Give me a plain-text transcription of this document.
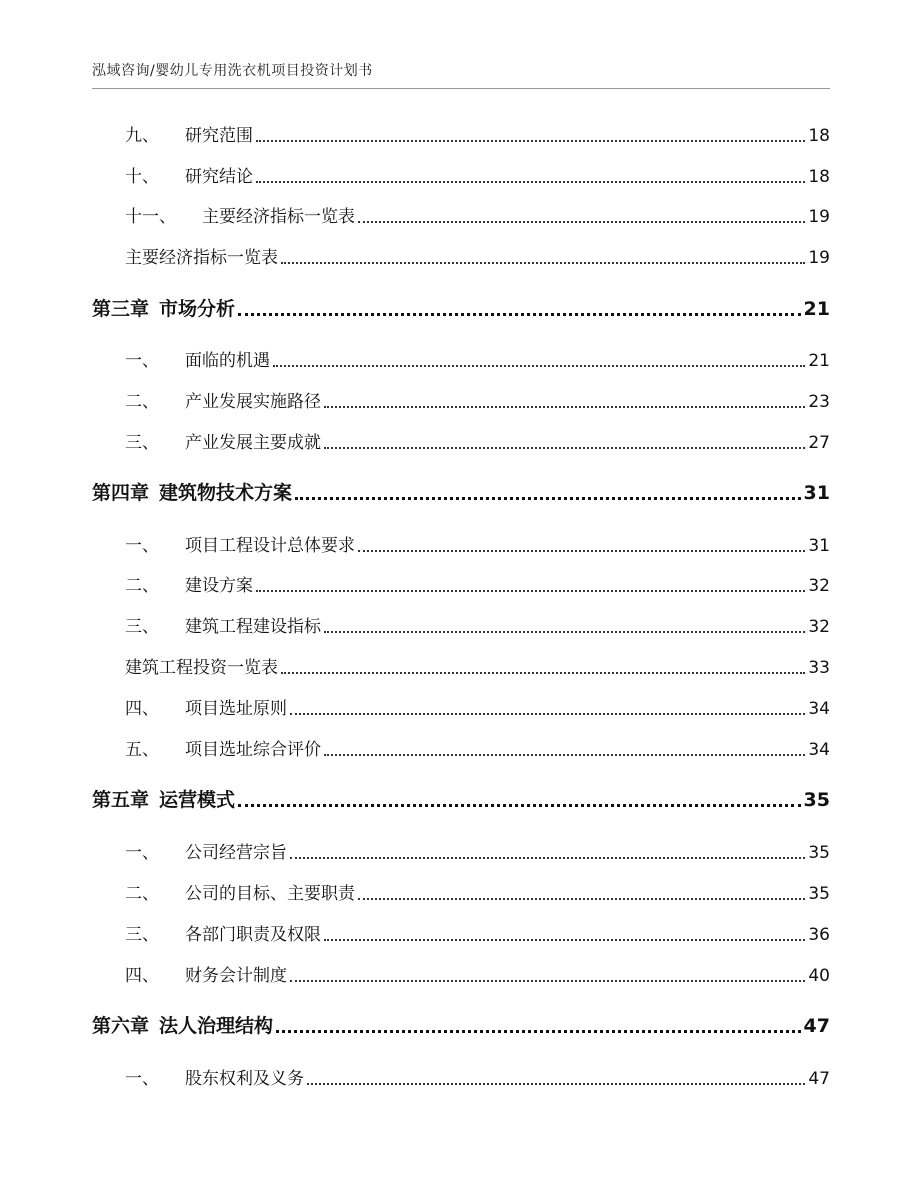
泓域咨询/婴幼儿专用洗衣机项目投资计划书
九、 研究范围	18
十、 研究结论	18
十一、 主要经济指标一览表	19
主要经济指标一览表	19
第三章 市场分析	21
一、 面临的机遇	21
二、 产业发展实施路径	23
三、 产业发展主要成就	27
第四章 建筑物技术方案	31
一、 项目工程设计总体要求	31
二、 建设方案	32
三、 建筑工程建设指标	32
建筑工程投资一览表	33
四、 项目选址原则	34
五、 项目选址综合评价	34
第五章 运营模式	35
一、 公司经营宗旨	35
二、 公司的目标、主要职责	35
三、 各部门职责及权限	36
四、 财务会计制度	40
第六章 法人治理结构	47
一、 股东权利及义务	47
